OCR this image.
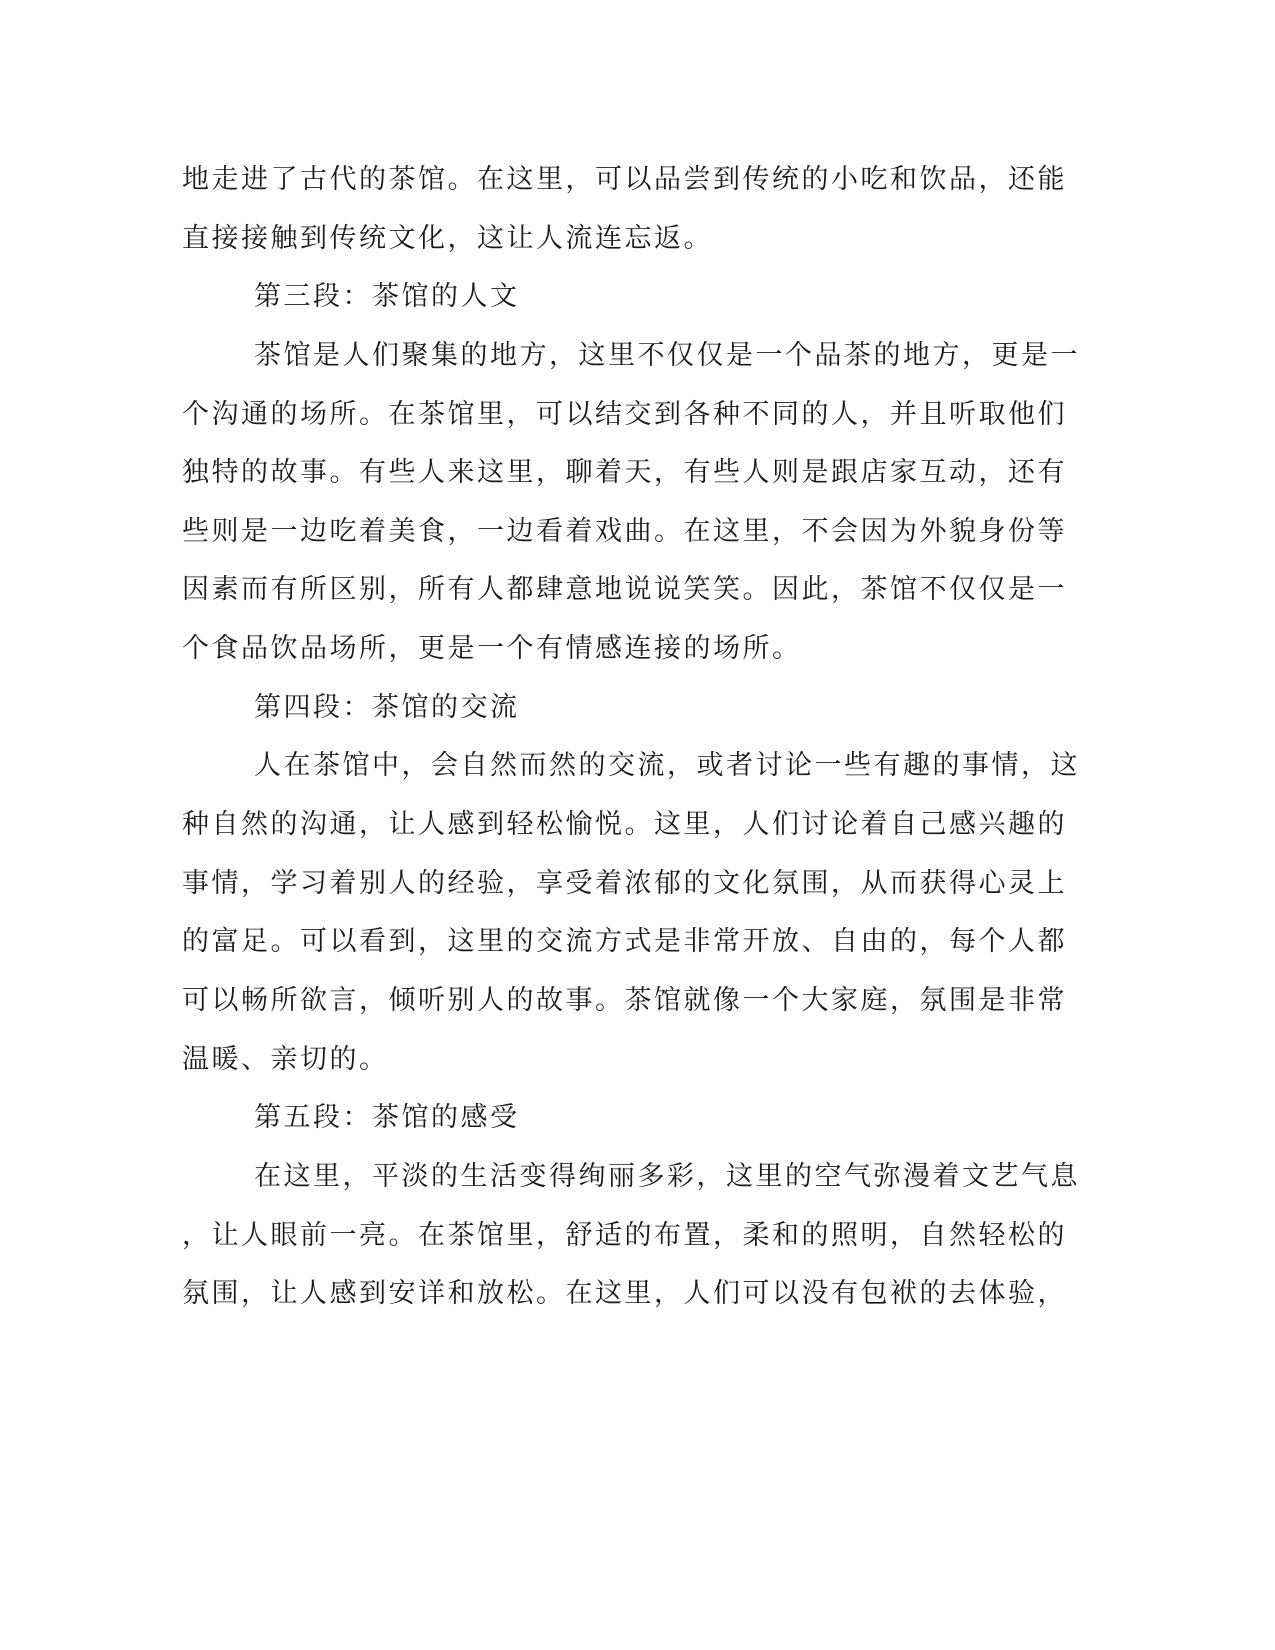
地走进了古代的茶馆。在这里，可以品尝到传统的小吃和饮品，还能
直接接触到传统文化，这让人流连忘返。
第三段：茶馆的人文
茶馆是人们聚集的地方，这里不仅仅是一个品茶的地方，更是一
个沟通的场所。在茶馆里，可以结交到各种不同的人，并且听取他们
独特的故事。有些人来这里，聊着天，有些人则是跟店家互动，还有
些则是一边吃着美食，一边看着戏曲。在这里，不会因为外貌身份等
因素而有所区别，所有人都肆意地说说笑笑。因此，茶馆不仅仅是一
个食品饮品场所，更是一个有情感连接的场所。
第四段：茶馆的交流
人在茶馆中，会自然而然的交流，或者讨论一些有趣的事情，这
种自然的沟通，让人感到轻松愉悦。这里，人们讨论着自己感兴趣的
事情，学习着别人的经验，享受着浓郁的文化氛围，从而获得心灵上
的富足。可以看到，这里的交流方式是非常开放、自由的，每个人都
可以畅所欲言，倾听别人的故事。茶馆就像一个大家庭，氛围是非常
温暖、亲切的。
第五段：茶馆的感受
在这里，平淡的生活变得绚丽多彩，这里的空气弥漫着文艺气息
，让人眼前一亮。在茶馆里，舒适的布置，柔和的照明，自然轻松的
氛围，让人感到安详和放松。在这里，人们可以没有包袱的去体验，
